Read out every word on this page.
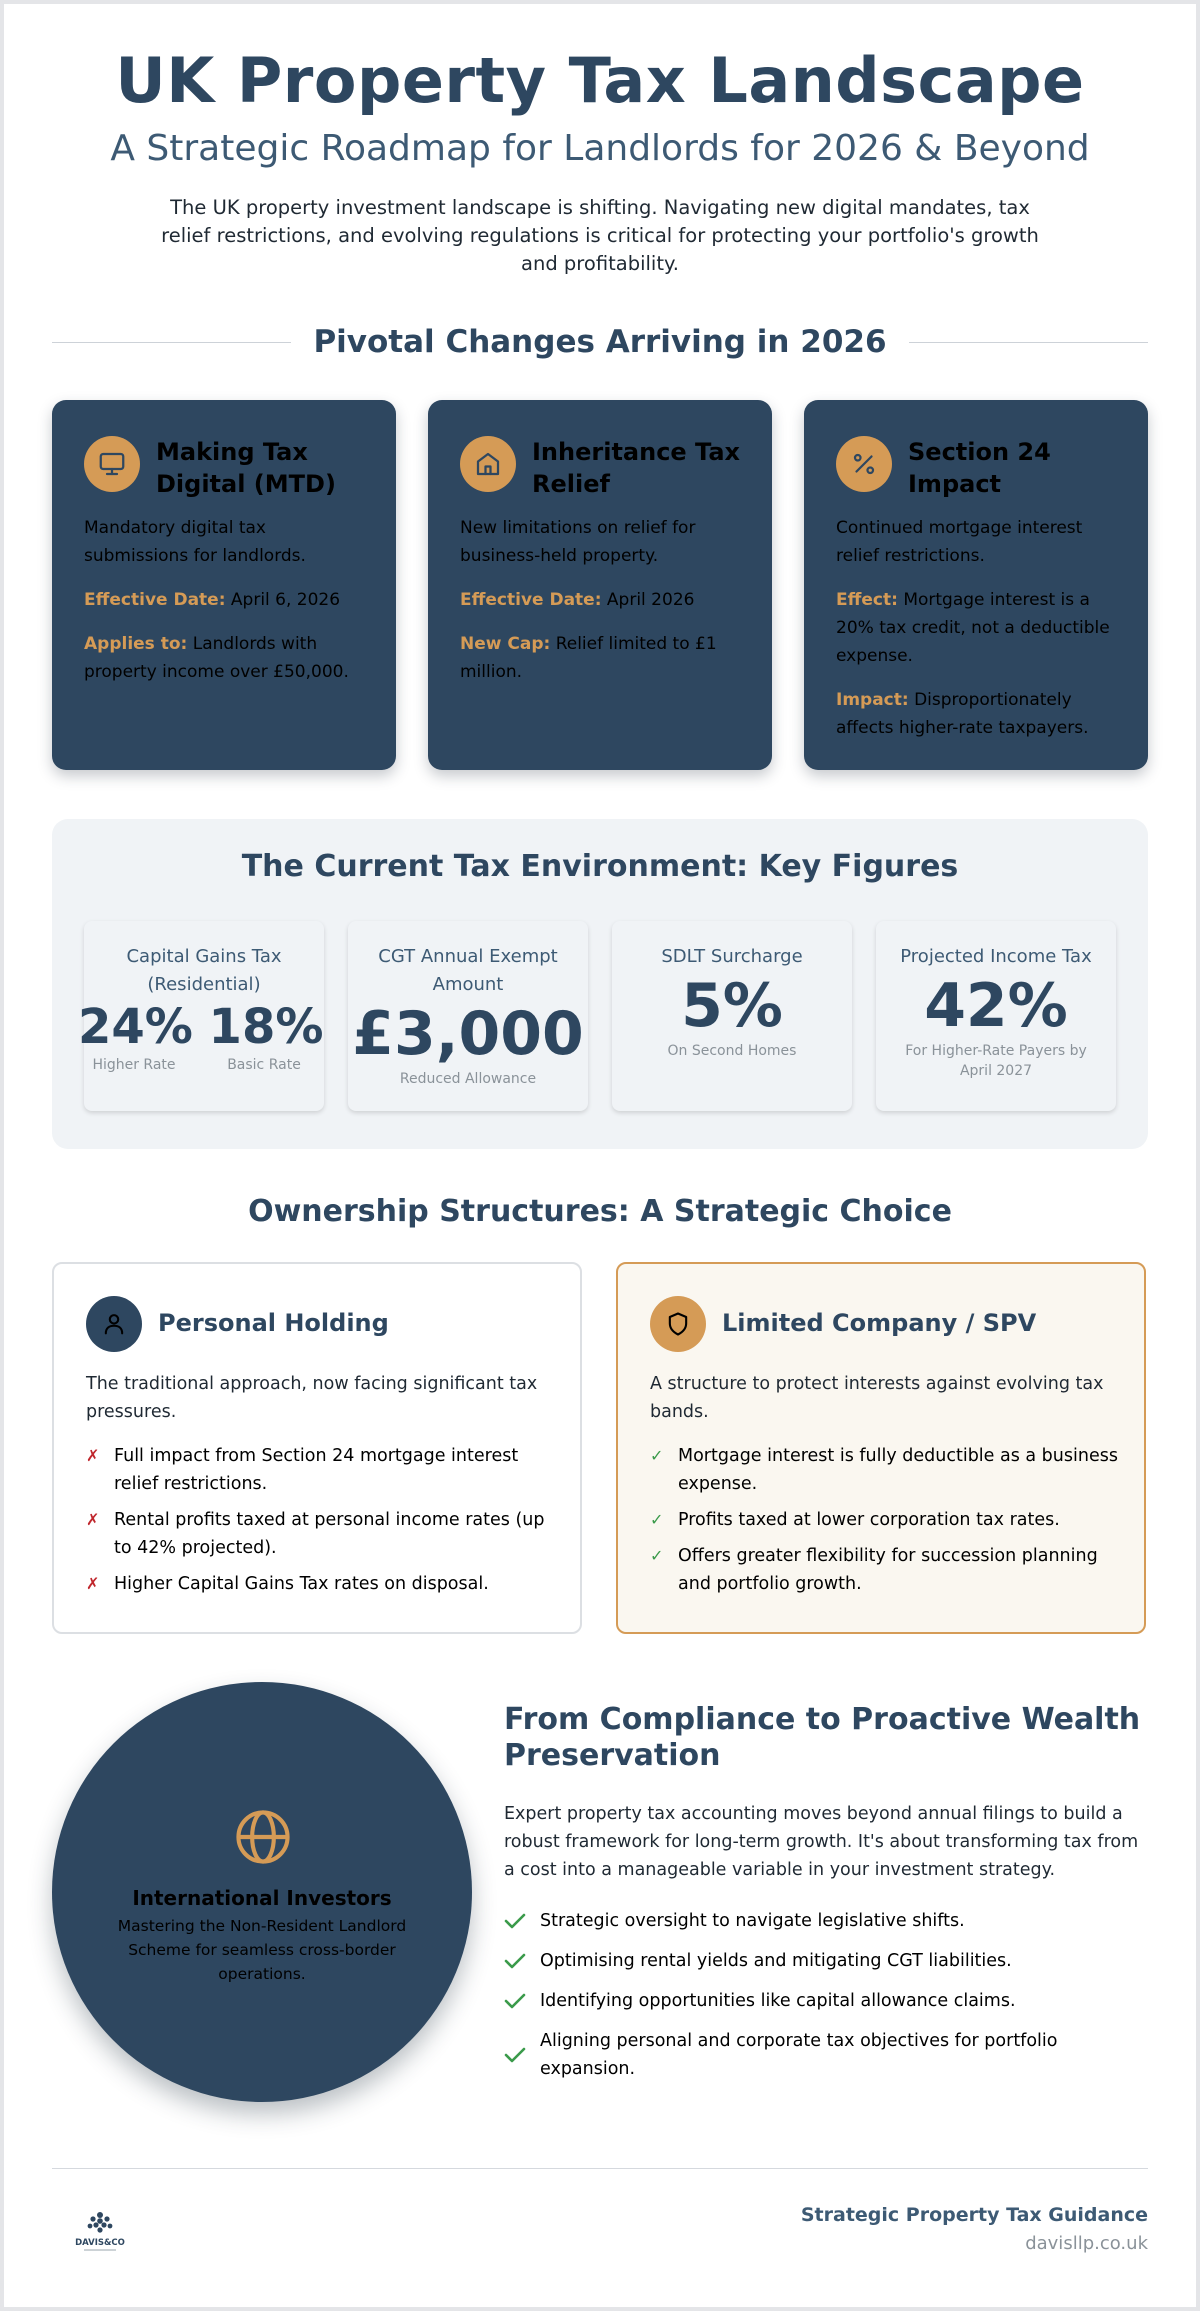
UK Property Tax Landscape
A Strategic Roadmap for Landlords for 2026 & Beyond

The UK property investment landscape is shifting. Navigating new digital mandates, tax relief restrictions, and evolving regulations is critical for protecting your portfolio's growth and profitability.

Pivotal Changes Arriving in 2026
Making Tax Digital (MTD)

Mandatory digital tax submissions for landlords.

Effective Date: April 6, 2026

Applies to: Landlords with property income over £50,000.

Inheritance Tax Relief

New limitations on relief for business-held property.

Effective Date: April 2026

New Cap: Relief limited to £1 million.

Section 24 Impact

Continued mortgage interest relief restrictions.

Effect: Mortgage interest is a 20% tax credit, not a deductible expense.

Impact: Disproportionately affects higher-rate taxpayers.

The Current Tax Environment: Key Figures
Capital Gains Tax (Residential)
24%
Higher Rate
18%
Basic Rate
CGT Annual Exempt Amount
£3,000
Reduced Allowance
SDLT Surcharge
5%
On Second Homes
Projected Income Tax
42%
For Higher-Rate Payers by April 2027
Ownership Structures: A Strategic Choice
Personal Holding
The traditional approach, now facing significant tax pressures.
✗ Full impact from Section 24 mortgage interest relief restrictions.
✗ Rental profits taxed at personal income rates (up to 42% projected).
✗ Higher Capital Gains Tax rates on disposal.
Limited Company / SPV
A structure to protect interests against evolving tax bands.
✓ Mortgage interest is fully deductible as a business expense.
✓ Profits taxed at lower corporation tax rates.
✓ Offers greater flexibility for succession planning and portfolio growth.
International Investors
Mastering the Non-Resident Landlord Scheme for seamless cross-border operations.
From Compliance to Proactive Wealth Preservation

Expert property tax accounting moves beyond annual filings to build a robust framework for long-term growth. It's about transforming tax from a cost into a manageable variable in your investment strategy.

Strategic oversight to navigate legislative shifts.
Optimising rental yields and mitigating CGT liabilities.
Identifying opportunities like capital allowance claims.
Aligning personal and corporate tax objectives for portfolio expansion.
DAVIS&CO
Strategic Property Tax Guidance
davisllp.co.uk
